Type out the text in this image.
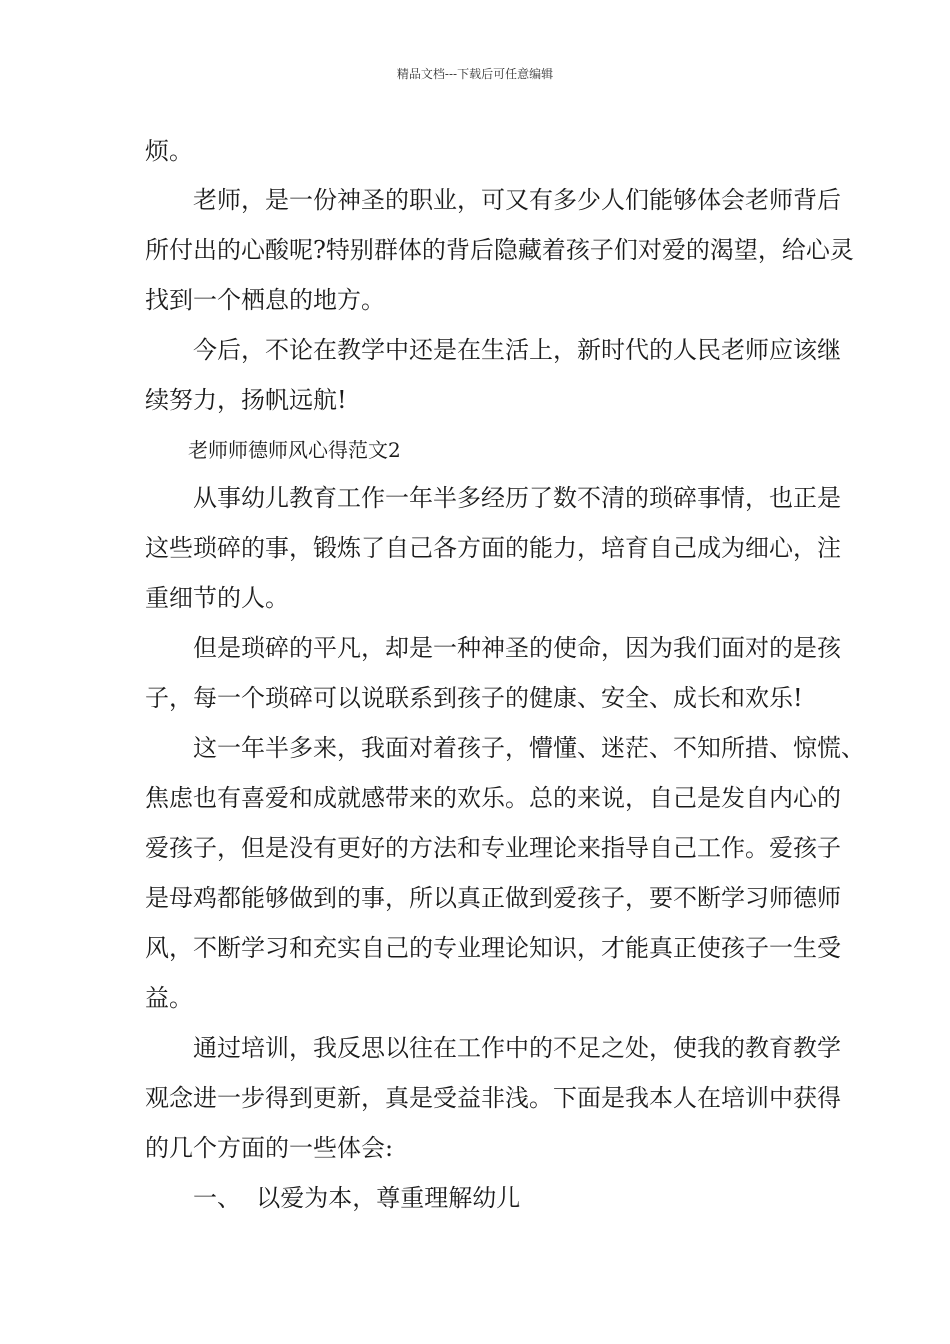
精品文档---下载后可任意编辑
烦。
老师，是一份神圣的职业，可又有多少人们能够体会老师背后
所付出的心酸呢?特别群体的背后隐藏着孩子们对爱的渴望，给心灵
找到一个栖息的地方。
今后，不论在教学中还是在生活上，新时代的人民老师应该继
续努力，扬帆远航!
老师师德师风心得范文2
从事幼儿教育工作一年半多经历了数不清的琐碎事情，也正是
这些琐碎的事，锻炼了自己各方面的能力，培育自己成为细心，注
重细节的人。
但是琐碎的平凡，却是一种神圣的使命，因为我们面对的是孩
子，每一个琐碎可以说联系到孩子的健康、安全、成长和欢乐!
这一年半多来，我面对着孩子，懵懂、迷茫、不知所措、惊慌、
焦虑也有喜爱和成就感带来的欢乐。总的来说，自己是发自内心的
爱孩子，但是没有更好的方法和专业理论来指导自己工作。爱孩子
是母鸡都能够做到的事，所以真正做到爱孩子，要不断学习师德师
风，不断学习和充实自己的专业理论知识，才能真正使孩子一生受
益。
通过培训，我反思以往在工作中的不足之处，使我的教育教学
观念进一步得到更新，真是受益非浅。下面是我本人在培训中获得
的几个方面的一些体会:
一、  以爱为本，尊重理解幼儿
